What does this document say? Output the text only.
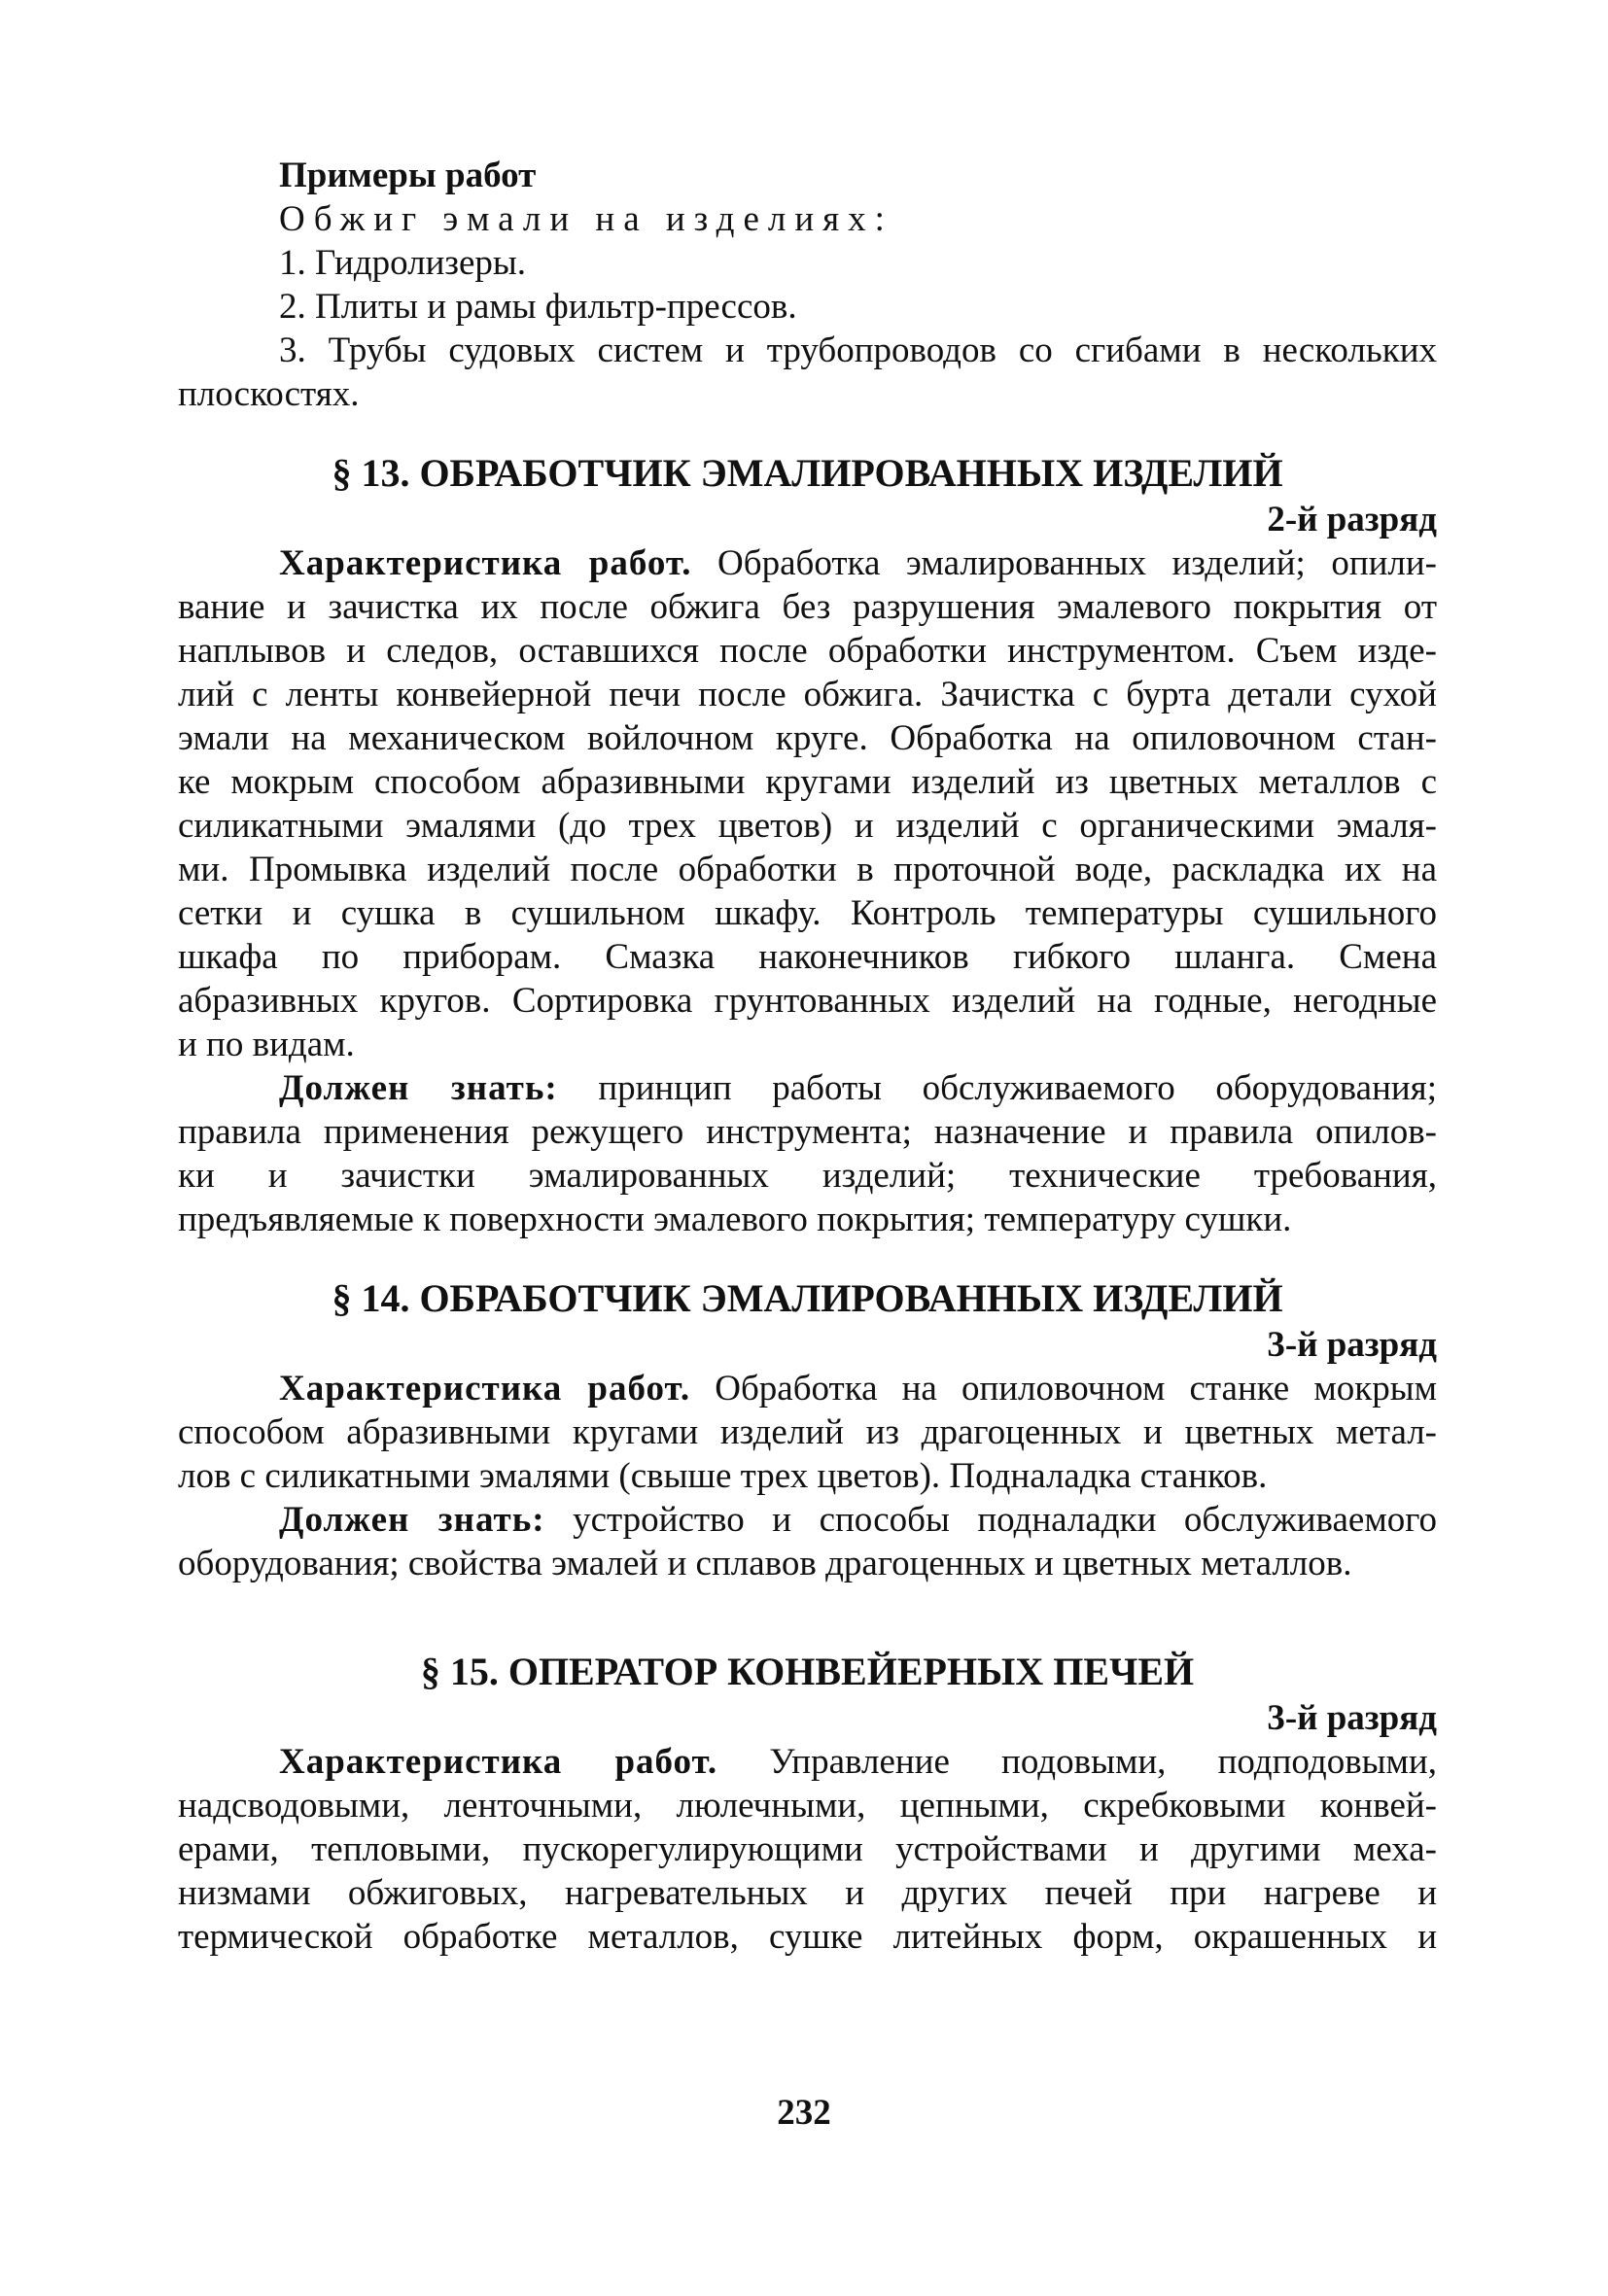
Примеры работ

Обжиг эмали на изделиях:

1. Гидролизеры.

2. Плиты и рамы фильтр-прессов.

3. Трубы судовых систем и трубопроводов со сгибами в нескольких

плоскостях.

§ 13. ОБРАБОТЧИК ЭМАЛИРОВАННЫХ ИЗДЕЛИЙ

2-й разряд

Характеристика работ. Обработка эмалированных изделий; опили-

вание и зачистка их после обжига без разрушения эмалевого покрытия от

наплывов и следов, оставшихся после обработки инструментом. Съем изде-

лий с ленты конвейерной печи после обжига. Зачистка с бурта детали сухой

эмали на механическом войлочном круге. Обработка на опиловочном стан-

ке мокрым способом абразивными кругами изделий из цветных металлов с

силикатными эмалями (до трех цветов) и изделий с органическими эмаля-

ми. Промывка изделий после обработки в проточной воде, раскладка их на

сетки и сушка в сушильном шкафу. Контроль температуры сушильного

шкафа по приборам. Смазка наконечников гибкого шланга. Смена

абразивных кругов. Сортировка грунтованных изделий на годные, негодные

и по видам.

Должен знать: принцип работы обслуживаемого оборудования;

правила применения режущего инструмента; назначение и правила опилов-

ки и зачистки эмалированных изделий; технические требования,

предъявляемые к поверхности эмалевого покрытия; температуру сушки.

§ 14. ОБРАБОТЧИК ЭМАЛИРОВАННЫХ ИЗДЕЛИЙ

3-й разряд

Характеристика работ. Обработка на опиловочном станке мокрым

способом абразивными кругами изделий из драгоценных и цветных метал-

лов с силикатными эмалями (свыше трех цветов). Подналадка станков.

Должен знать: устройство и способы подналадки обслуживаемого

оборудования; свойства эмалей и сплавов драгоценных и цветных металлов.

§ 15. ОПЕРАТОР КОНВЕЙЕРНЫХ ПЕЧЕЙ

3-й разряд

Характеристика работ. Управление подовыми, подподовыми,

надсводовыми, ленточными, люлечными, цепными, скребковыми конвей-

ерами, тепловыми, пускорегулирующими устройствами и другими меха-

низмами обжиговых, нагревательных и других печей при нагреве и

термической обработке металлов, сушке литейных форм, окрашенных и

232
